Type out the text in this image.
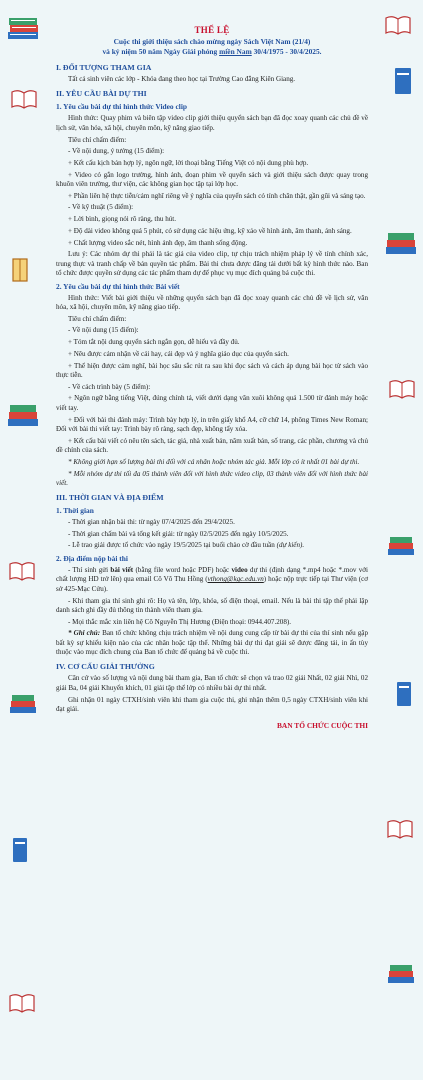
THỂ LỆ
Cuộc thi giới thiệu sách chào mừng ngày Sách Việt Nam (21/4)
và kỷ niệm 50 năm Ngày Giải phóng miền Nam 30/4/1975 - 30/4/2025.
I. ĐỐI TƯỢNG THAM GIA

Tất cả sinh viên các lớp - Khóa đang theo học tại Trường Cao đẳng Kiên Giang.

II. YÊU CẦU BÀI DỰ THI
1. Yêu cầu bài dự thi hình thức Video clip

Hình thức: Quay phim và biên tập video clip giới thiệu quyển sách bạn đã đọc xoay quanh các chủ đề về lịch sử, văn hóa, xã hội, chuyên môn, kỹ năng giao tiếp.

Tiêu chí chấm điểm:

- Về nội dung, ý tưởng (15 điểm):

+ Kết cấu kịch bản hợp lý, ngôn ngữ, lời thoại bằng Tiếng Việt có nội dung phù hợp.

+ Video có gắn logo trường, hình ảnh, đoạn phim về quyển sách và giới thiệu sách được quay trong khuôn viên trường, thư viện, các không gian học tập tại lớp học.

+ Phần liên hệ thực tiễn/cảm nghĩ riêng về ý nghĩa của quyển sách có tính chân thật, gần gũi và sáng tạo.

- Về kỹ thuật (5 điểm):

+ Lời bình, giọng nói rõ ràng, thu hút.

+ Độ dài video không quá 5 phút, có sử dụng các hiệu ứng, kỹ xảo về hình ảnh, âm thanh, ánh sáng.

+ Chất lượng video sắc nét, hình ảnh đẹp, âm thanh sống động.

Lưu ý: Các nhóm dự thi phải là tác giả của video clip, tự chịu trách nhiệm pháp lý về tính chính xác, trung thực và tranh chấp về bản quyền tác phẩm. Bài thi chưa được đăng tải dưới bất kỳ hình thức nào. Ban tổ chức được quyền sử dụng các tác phẩm tham dự để phục vụ mục đích quảng bá cuộc thi.

2. Yêu cầu bài dự thi hình thức Bài viết

Hình thức: Viết bài giới thiệu về những quyển sách bạn đã đọc xoay quanh các chủ đề về lịch sử, văn hóa, xã hội, chuyên môn, kỹ năng giao tiếp.

Tiêu chí chấm điểm:

- Về nội dung (15 điểm):

+ Tóm tắt nội dung quyển sách ngắn gọn, dễ hiểu và đầy đủ.

+ Nêu được cảm nhận về cái hay, cái đẹp và ý nghĩa giáo dục của quyển sách.

+ Thể hiện được cảm nghĩ, bài học sâu sắc rút ra sau khi đọc sách và cách áp dụng bài học từ sách vào thực tiễn.

- Về cách trình bày (5 điểm):

+ Ngôn ngữ bằng tiếng Việt, đúng chính tả, viết dưới dạng văn xuôi không quá 1.500 từ đánh máy hoặc viết tay.

+ Đối với bài thi đánh máy: Trình bày hợp lý, in trên giấy khổ A4, cỡ chữ 14, phông Times New Roman; Đối với bài thi viết tay: Trình bày rõ ràng, sạch đẹp, không tẩy xóa.

+ Kết cấu bài viết có nêu tên sách, tác giả, nhà xuất bản, năm xuất bản, số trang, các phần, chương và chủ đề chính của sách.

* Không giới hạn số lượng bài thi đối với cá nhân hoặc nhóm tác giả. Mỗi lớp có ít nhất 01 bài dự thi.

* Mỗi nhóm dự thi tối đa 05 thành viên đối với hình thức video clip, 03 thành viên đối với hình thức bài viết.

III. THỜI GIAN VÀ ĐỊA ĐIỂM
1. Thời gian

- Thời gian nhận bài thi: từ ngày 07/4/2025 đến 29/4/2025.

- Thời gian chấm bài và tổng kết giải: từ ngày 02/5/2025 đến ngày 10/5/2025.

- Lễ trao giải được tổ chức vào ngày 19/5/2025 tại buổi chào cờ đầu tuần (dự kiến).

2. Địa điểm nộp bài thi

- Thí sinh gửi bài viết (bằng file word hoặc PDF) hoặc video dự thi (định dạng *.mp4 hoặc *.mov với chất lượng HD trở lên) qua email Cô Võ Thu Hồng (vthong@kgc.edu.vn) hoặc nộp trực tiếp tại Thư viện (cơ sở 425-Mạc Cửu).

- Khi tham gia thí sinh ghi rõ: Họ và tên, lớp, khóa, số điện thoại, email. Nếu là bài thi tập thể phải lập danh sách ghi đầy đủ thông tin thành viên tham gia.

- Mọi thắc mắc xin liên hệ Cô Nguyễn Thị Hương (Điện thoại: 0944.407.208).

* Ghi chú: Ban tổ chức không chịu trách nhiệm về nội dung cung cấp từ bài dự thi của thí sinh nếu gặp bất kỳ sự khiếu kiện nào của các nhân hoặc tập thể. Những bài dự thi đạt giải sẽ được đăng tải, in ấn tùy thuộc vào mục đích chung của Ban tổ chức để quảng bá về cuộc thi.

IV. CƠ CẤU GIẢI THƯỞNG

Căn cứ vào số lượng và nội dung bài tham gia, Ban tổ chức sẽ chọn và trao 02 giải Nhất, 02 giải Nhì, 02 giải Ba, 04 giải Khuyến khích, 01 giải tập thể lớp có nhiều bài dự thi nhất.

Ghi nhận 01 ngày CTXH/sinh viên khi tham gia cuộc thi, ghi nhận thêm 0,5 ngày CTXH/sinh viên khi đạt giải.

BAN TỔ CHỨC CUỘC THI
